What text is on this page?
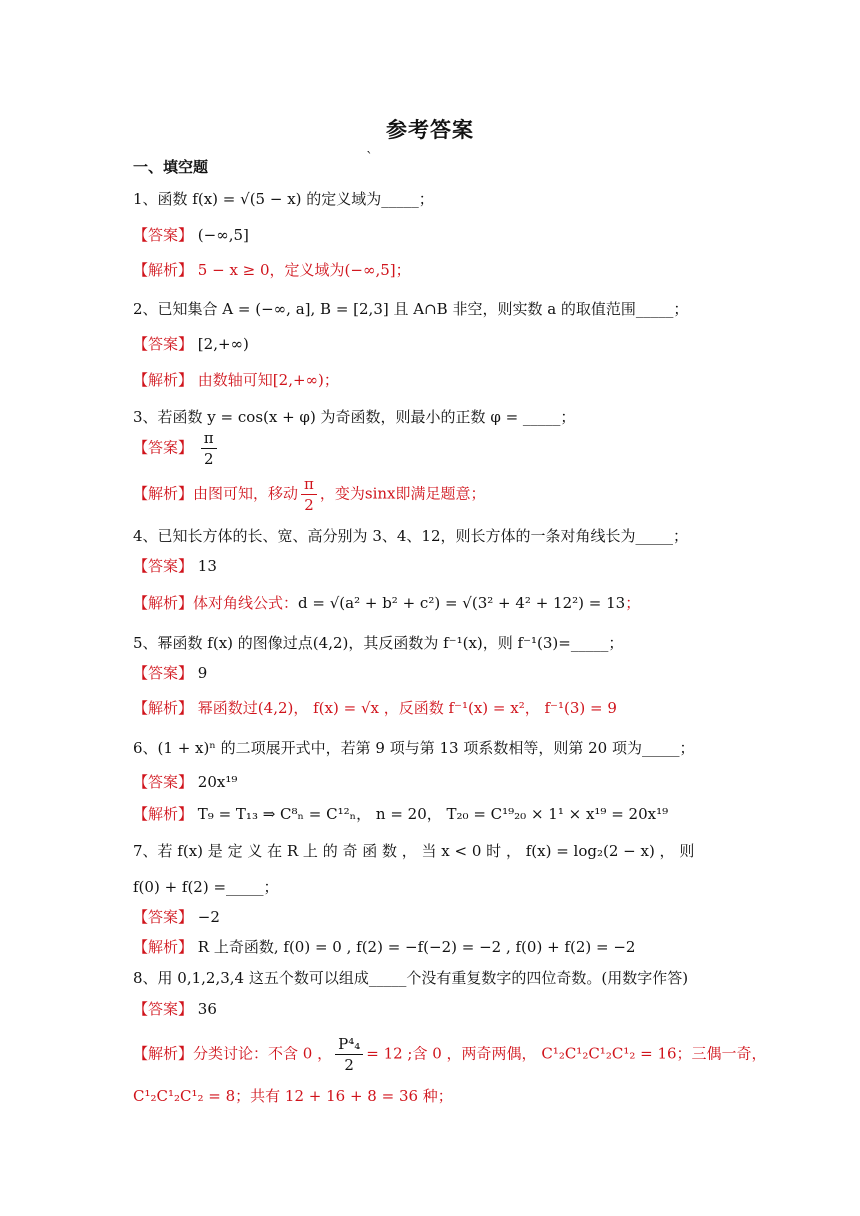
参考答案
一、填空题	`
1、函数 f(x) = √(5 − x) 的定义域为_____；
【答案】 (−∞,5]
【解析】 5 − x ≥ 0，定义域为(−∞,5]；
2、已知集合 A = (−∞, a], B = [2,3] 且 A∩B 非空，则实数 a 的取值范围_____；
【答案】 [2,+∞)
【解析】 由数轴可知[2,+∞)；
3、若函数 y = cos(x + φ) 为奇函数，则最小的正数 φ = _____；
【答案】 $\frac{\pi}{2}$
【解析】由图可知，移动 $\frac{\pi}{2}$ ，变为sinx即满足题意；
4、已知长方体的长、宽、高分别为 3、4、12，则长方体的一条对角线长为_____；
【答案】 13
【解析】体对角线公式：d = √(a² + b² + c²) = √(3² + 4² + 12²) = 13；
5、幂函数 f(x) 的图像过点(4,2)，其反函数为 f⁻¹(x)，则 f⁻¹(3)=_____；
【答案】 9
【解析】 幂函数过(4,2)， f(x) = √x ，反函数 f⁻¹(x) = x²， f⁻¹(3) = 9
6、(1 + x)ⁿ 的二项展开式中，若第 9 项与第 13 项系数相等，则第 20 项为_____；
【答案】 20x¹⁹
【解析】 T₉ = T₁₃ ⇒ C⁸ₙ = C¹²ₙ， n = 20， T₂₀ = C¹⁹₂₀ × 1¹ × x¹⁹ = 20x¹⁹
7、若 f(x) 是 定 义 在 R 上 的 奇 函 数 ， 当 x < 0 时 ， f(x) = log₂(2 − x) ， 则
f(0) + f(2) =_____；
【答案】 −2
【解析】 R 上奇函数, f(0) = 0 , f(2) = −f(−2) = −2 , f(0) + f(2) = −2
8、用 0,1,2,3,4 这五个数可以组成_____个没有重复数字的四位奇数。(用数字作答)
【答案】 36
【解析】分类讨论：不含 0 ， $\frac{\text{P⁴₄}}{2} = 12$ ;含 0 ，两奇两偶， C¹₂C¹₂C¹₂C¹₂ = 16；三偶一奇，
C¹₂C¹₂C¹₂ = 8；共有 12 + 16 + 8 = 36 种；
